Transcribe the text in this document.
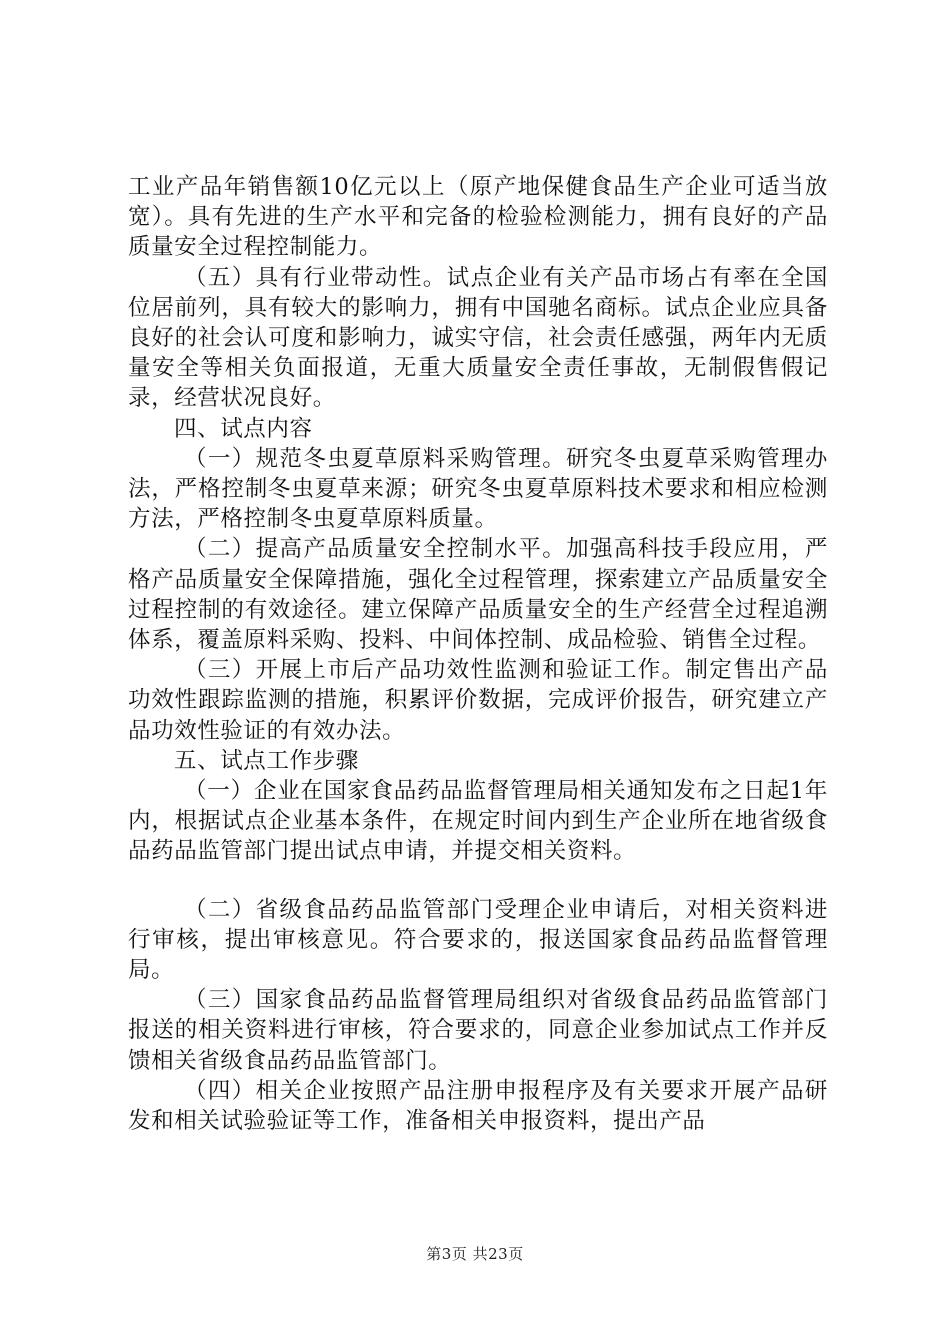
工业产品年销售额10亿元以上（原产地保健食品生产企业可适当放宽）。具有先进的生产水平和完备的检验检测能力，拥有良好的产品质量安全过程控制能力。

（五）具有行业带动性。试点企业有关产品市场占有率在全国位居前列，具有较大的影响力，拥有中国驰名商标。试点企业应具备良好的社会认可度和影响力，诚实守信，社会责任感强，两年内无质量安全等相关负面报道，无重大质量安全责任事故，无制假售假记录，经营状况良好。

四、试点内容

（一）规范冬虫夏草原料采购管理。研究冬虫夏草采购管理办法，严格控制冬虫夏草来源；研究冬虫夏草原料技术要求和相应检测方法，严格控制冬虫夏草原料质量。

（二）提高产品质量安全控制水平。加强高科技手段应用，严格产品质量安全保障措施，强化全过程管理，探索建立产品质量安全过程控制的有效途径。建立保障产品质量安全的生产经营全过程追溯体系，覆盖原料采购、投料、中间体控制、成品检验、销售全过程。

（三）开展上市后产品功效性监测和验证工作。制定售出产品功效性跟踪监测的措施，积累评价数据，完成评价报告，研究建立产品功效性验证的有效办法。

五、试点工作步骤

（一）企业在国家食品药品监督管理局相关通知发布之日起1年内，根据试点企业基本条件，在规定时间内到生产企业所在地省级食品药品监管部门提出试点申请，并提交相关资料。

（二）省级食品药品监管部门受理企业申请后，对相关资料进行审核，提出审核意见。符合要求的，报送国家食品药品监督管理局。

（三）国家食品药品监督管理局组织对省级食品药品监管部门报送的相关资料进行审核，符合要求的，同意企业参加试点工作并反馈相关省级食品药品监管部门。

（四）相关企业按照产品注册申报程序及有关要求开展产品研发和相关试验验证等工作，准备相关申报资料，提出产品

第3页 共23页
